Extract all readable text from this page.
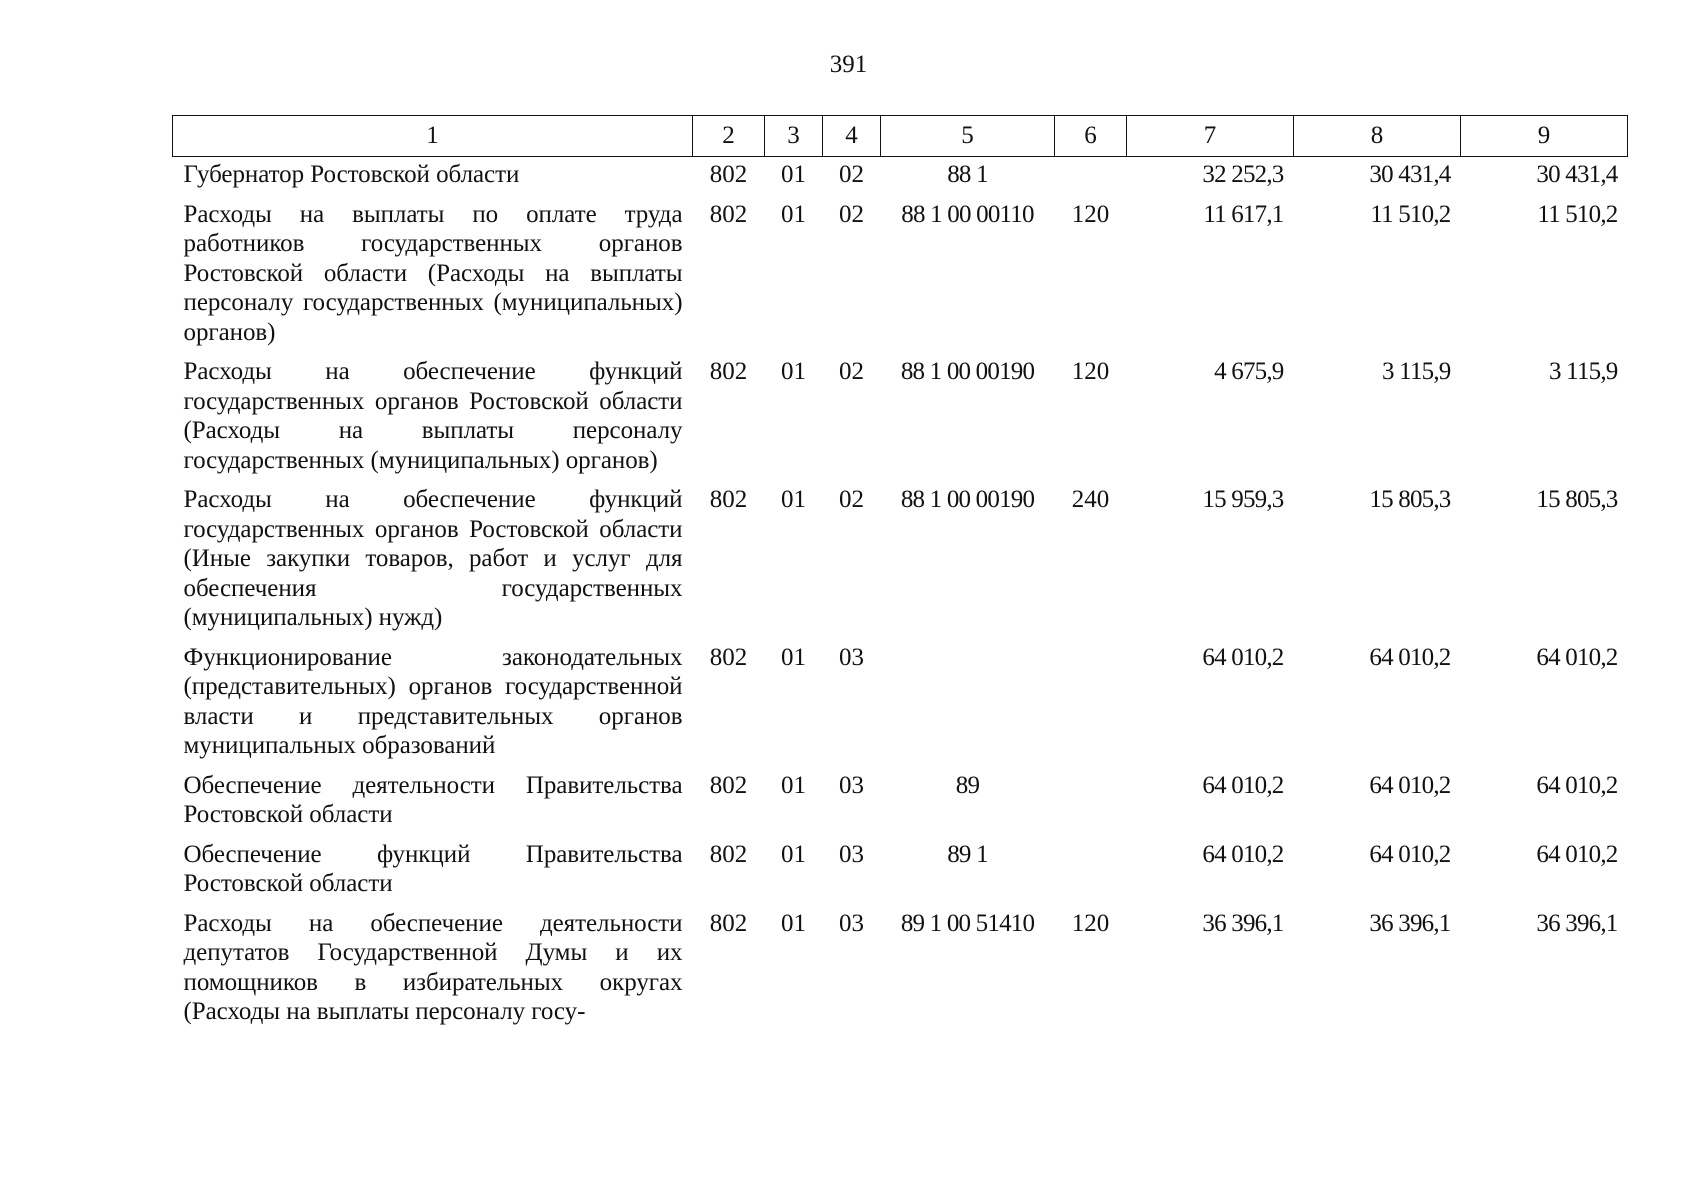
391
1	2	3	4	5	6	7	8	9
Губернатор Ростовской области	802	01	02	88 1		32 252,3	30 431,4	30 431,4
Расходы на выплаты по оплате труда работников государственных органов Ростовской области (Расходы на выплаты персоналу государственных (муниципальных) органов)	802	01	02	88 1 00 00110	120	11 617,1	11 510,2	11 510,2
Расходы на обеспечение функций государственных органов Ростовской области (Расходы на выплаты персоналу государственных (муниципальных) органов)	802	01	02	88 1 00 00190	120	4 675,9	3 115,9	3 115,9
Расходы на обеспечение функций государственных органов Ростовской области (Иные закупки товаров, работ и услуг для обеспечения государственных (муниципальных) нужд)	802	01	02	88 1 00 00190	240	15 959,3	15 805,3	15 805,3
Функционирование законодательных (представительных) органов государственной власти и представительных органов муниципальных образований	802	01	03			64 010,2	64 010,2	64 010,2
Обеспечение деятельности Правительства Ростовской области	802	01	03	89		64 010,2	64 010,2	64 010,2
Обеспечение функций Правительства Ростовской области	802	01	03	89 1		64 010,2	64 010,2	64 010,2
Расходы на обеспечение деятельности депутатов Государственной Думы и их помощников в избирательных округах (Расходы на выплаты персоналу госу-	802	01	03	89 1 00 51410	120	36 396,1	36 396,1	36 396,1
